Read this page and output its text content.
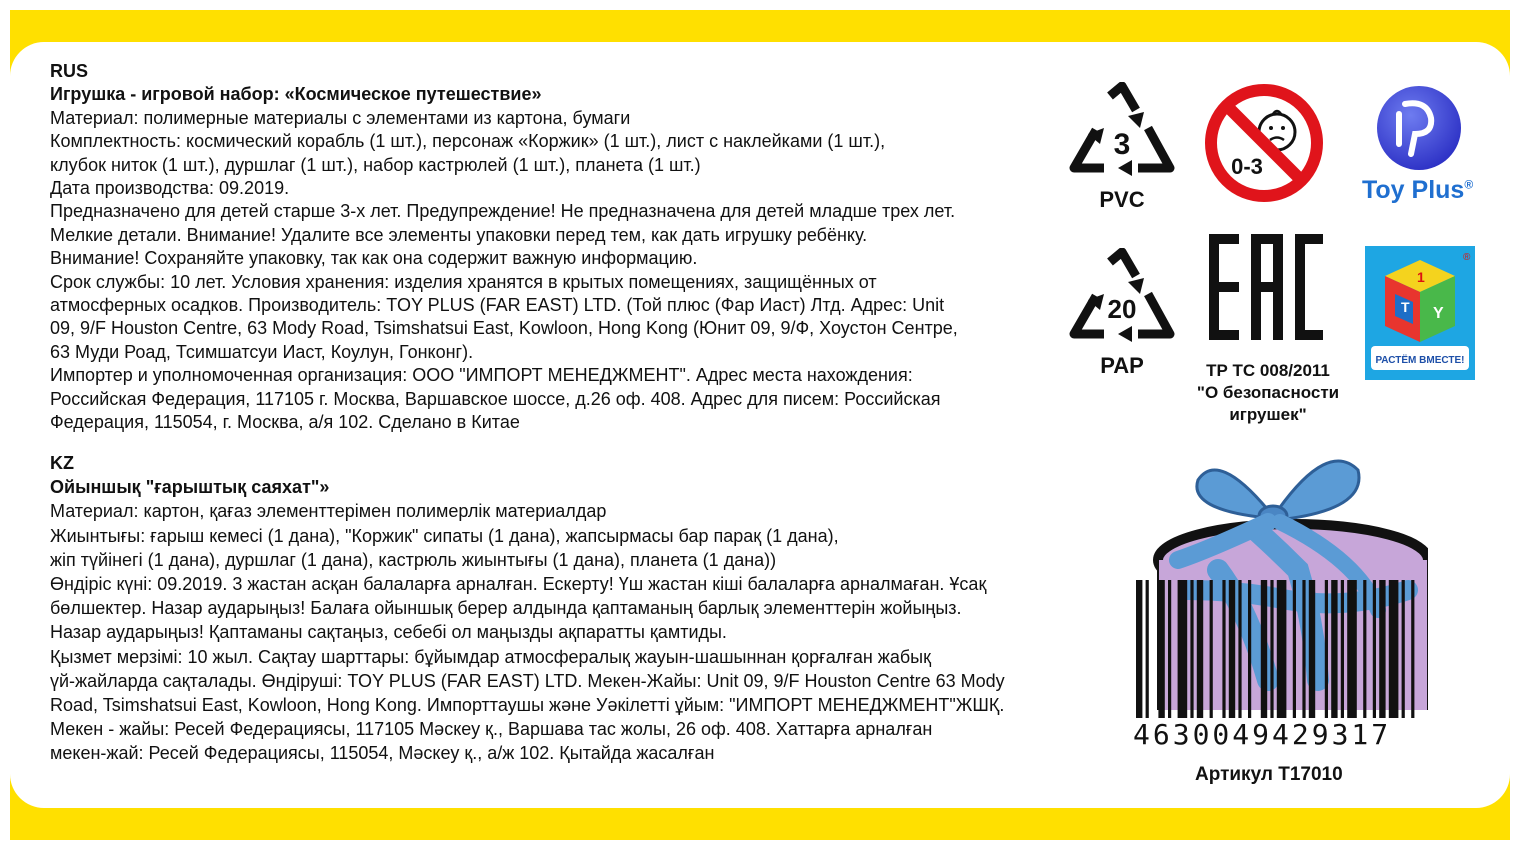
RUS

Игрушка - игровой набор: «Космическое путешествие»

Материал: полимерные материалы с элементами из картона, бумаги

Комплектность: космический корабль (1 шт.), персонаж «Коржик» (1 шт.), лист с наклейками (1 шт.),

клубок ниток (1 шт.), дуршлаг (1 шт.), набор кастрюлей (1 шт.), планета (1 шт.)

Дата производства: 09.2019.

Предназначено для детей старше 3-х лет. Предупреждение! Не предназначена для детей младше трех лет.

Мелкие детали. Внимание! Удалите все элементы упаковки перед тем, как дать игрушку ребёнку.

Внимание! Сохраняйте упаковку, так как она содержит важную информацию.

Срок службы: 10 лет. Условия хранения: изделия хранятся в крытых помещениях, защищённых от

атмосферных осадков. Производитель: TOY PLUS (FAR EAST) LTD. (Той плюс (Фар Иаст) Лтд. Адрес: Unit

09, 9/F Houston Centre, 63 Mody Road, Tsimshatsui East, Kowloon, Hong Kong (Юнит 09, 9/Ф, Хоустон Сентре,

63 Муди Роад, Тсимшатсуи Иаст, Коулун, Гонконг).

Импортер и уполномоченная организация: ООО "ИМПОРТ МЕНЕДЖМЕНТ". Адрес места нахождения:

Российская Федерация, 117105 г. Москва, Варшавское шоссе, д.26 оф. 408. Адрес для писем: Российская

Федерация, 115054, г. Москва, а/я 102. Сделано в Китае

KZ

Ойыншық "ғарыштық саяхат"»

Материал: картон, қағаз элементтерімен полимерлік материалдар

Жиынтығы: ғарыш кемесі (1 дана), "Коржик" сипаты (1 дана), жапсырмасы бар парақ (1 дана),

жіп түйінегі (1 дана), дуршлаг (1 дана), кастрюль жиынтығы (1 дана), планета (1 дана))

Өндіріс күні: 09.2019. 3 жастан асқан балаларға арналған. Ескерту! Үш жастан кіші балаларға арналмаған. Ұсақ

бөлшектер. Назар аударыңыз! Балаға ойыншық берер алдында қаптаманың барлық элементтерін жойыңыз.

Назар аударыңыз! Қаптаманы сақтаңыз, себебі ол маңызды ақпаратты қамтиды.

Қызмет мерзімі: 10 жыл. Сақтау шарттары: бұйымдар атмосфералық жауын-шашыннан қорғалған жабық

үй-жайларда сақталады. Өндіруші: TOY PLUS (FAR EAST) LTD. Мекен-Жайы: Unit 09, 9/F Houston Centre 63 Mody

Road, Tsimshatsui East, Kowloon, Hong Kong. Импорттаушы және Уәкілетті ұйым: "ИМПОРТ МЕНЕДЖМЕНТ"ЖШҚ.

Мекен - жайы: Ресей Федерациясы, 117105 Мәскеу қ., Варшава тас жолы, 26 оф. 408. Хаттарға арналған

мекен-жай: Ресей Федерациясы, 115054, Мәскеу қ., а/ж 102. Қытайда жасалған

3
PVC
20
PAP
0-3
Toy Plus®
EAC
ТР ТС 008/2011
"О безопасности
игрушек"
T Y
1
РАСТЁМ ВМЕСТЕ!
®
4630049429317
Артикул Т17010
